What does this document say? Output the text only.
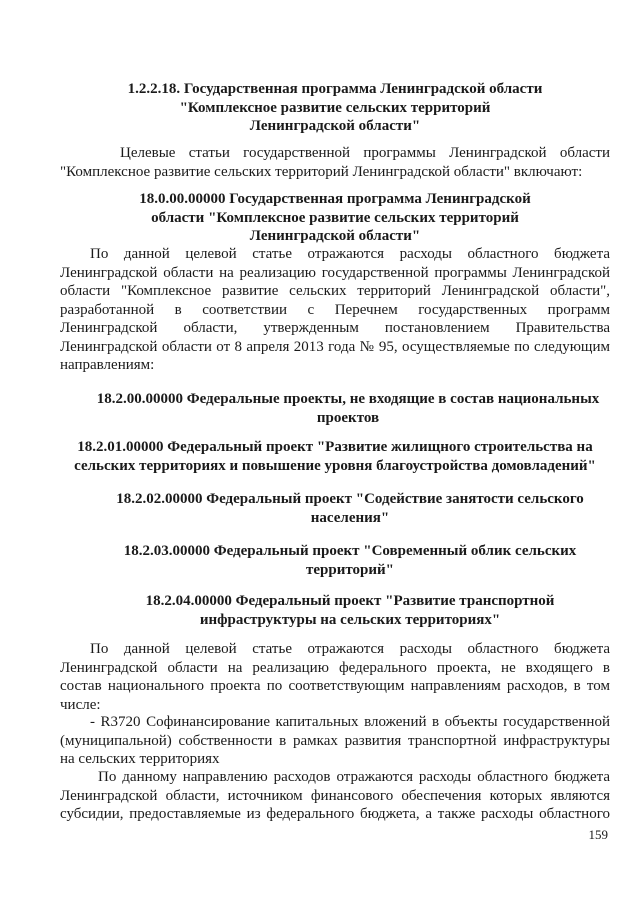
1.2.2.18. Государственная программа Ленинградской области
"Комплексное развитие сельских территорий
Ленинградской области"
Целевые статьи государственной программы Ленинградской области
"Комплексное развитие сельских территорий Ленинградской области" включают:
18.0.00.00000 Государственная программа Ленинградской
области "Комплексное развитие сельских территорий
Ленинградской области"
По данной целевой статье отражаются расходы областного бюджета
Ленинградской области на реализацию государственной программы Ленинградской
области "Комплексное развитие сельских территорий Ленинградской области",
разработанной в соответствии с Перечнем государственных программ
Ленинградской области, утвержденным постановлением Правительства
Ленинградской области от 8 апреля 2013 года № 95, осуществляемые по следующим
направлениям:
18.2.00.00000 Федеральные проекты, не входящие в состав национальных
проектов
18.2.01.00000 Федеральный проект "Развитие жилищного строительства на
сельских территориях и повышение уровня благоустройства домовладений"
18.2.02.00000 Федеральный проект "Содействие занятости сельского
населения"
18.2.03.00000 Федеральный проект "Современный облик сельских
территорий"
18.2.04.00000 Федеральный проект "Развитие транспортной
инфраструктуры на сельских территориях"
По данной целевой статье отражаются расходы областного бюджета
Ленинградской области на реализацию федерального проекта, не входящего в
состав национального проекта по соответствующим направлениям расходов, в том
числе:
- R3720 Софинансирование капитальных вложений в объекты государственной
(муниципальной) собственности в рамках развития транспортной инфраструктуры
на сельских территориях
По данному направлению расходов отражаются расходы областного бюджета
Ленинградской области, источником финансового обеспечения которых являются
субсидии, предоставляемые из федерального бюджета, а также расходы областного
159
